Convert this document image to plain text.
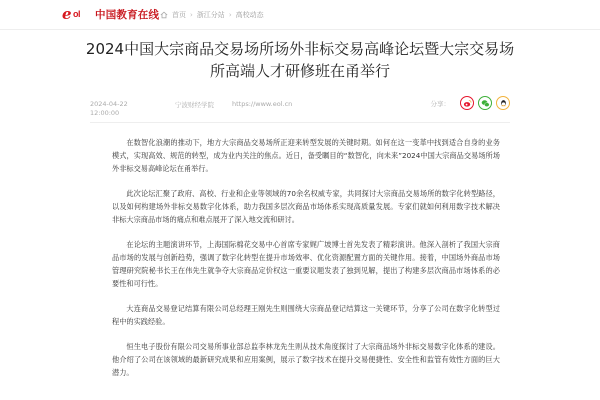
e ol 中国教育在线 首页 › 浙江分站 › 高校动态
2024中国大宗商品交易场所场外非标交易高峰论坛暨大宗交易场所高端人才研修班在甬举行
2024-04-22
12:00:00
宁波财经学院	https://www.eol.cn	分享：

在数智化浪潮的推动下，地方大宗商品交易场所正迎来转型发展的关键时期。如何在这一变革中找到适合自身的业务模式，实现高效、规范的转型，成为业内关注的焦点。近日，备受瞩目的“数智化，向未来”2024中国大宗商品交易场所场外非标交易高峰论坛在甬举行。

此次论坛汇聚了政府、高校、行业和企业等领域的70余名权威专家，共同探讨大宗商品交易场所的数字化转型路径，以及如何构建场外非标交易数字化体系，助力我国多层次商品市场体系实现高质量发展。专家们就如何利用数字技术解决非标大宗商品市场的痛点和难点展开了深入地交流和研讨。

在论坛的主题演讲环节，上海国际棉花交易中心首席专家娓广坡博士首先发表了精彩演讲。他深入剖析了我国大宗商品市场的发展与创新趋势，强调了数字化转型在提升市场效率、优化资源配置方面的关键作用。接着，中国场外商品市场管理研究院秘书长王在伟先生就争夺大宗商品定价权这一重要议题发表了独到见解，提出了构建多层次商品市场体系的必要性和可行性。

大连商品交易登记结算有限公司总经理王刚先生则围绕大宗商品登记结算这一关键环节，分享了公司在数字化转型过程中的实践经验。

恒生电子股份有限公司交易所事业部总监李林龙先生则从技术角度探讨了大宗商品场外非标交易数字化体系的建设。他介绍了公司在该领域的最新研究成果和应用案例，展示了数字技术在提升交易便捷性、安全性和监管有效性方面的巨大潜力。
